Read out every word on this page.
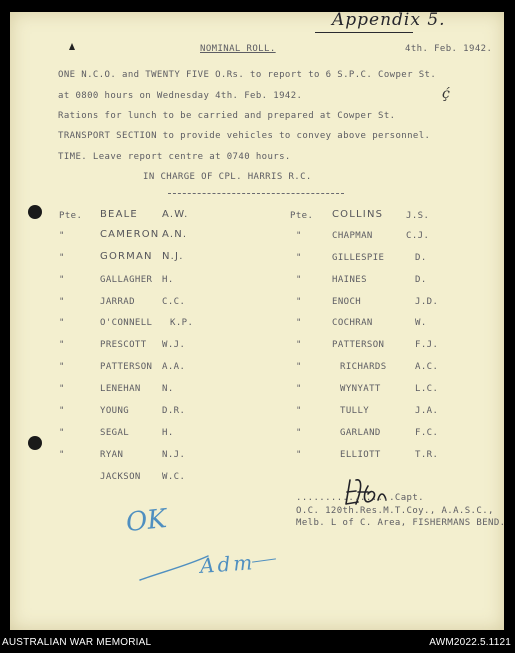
Appendix 5.
NOMINAL ROLL.	4th. Feb. 1942.
ONE N.C.O. and TWENTY FIVE O.Rs. to report to 6 S.P.C. Cowper St.
at 0800 hours on Wednesday 4th. Feb. 1942.
Rations for lunch to be carried and prepared at Cowper St.
TRANSPORT SECTION to provide vehicles to convey above personnel.
TIME. Leave report centre at 0740 hours.
IN CHARGE OF CPL. HARRIS R.C.
ḉ
Pte. BEALE A.W.
"	CAMERON A.N.
"	GORMAN N.J.
"	GALLAGHER H.
"	JARRAD	C.C.
"	O'CONNELL K.P.
"	PRESCOTT W.J.
"	PATTERSON A.A.
"	LENEHAN N.
"	YOUNG	D.R.
"	SEGAL	H.
"	RYAN	N.J.
JACKSON W.C.
Pte. COLLINS	J.S.
"	CHAPMAN	C.J.
"	GILLESPIE	D.
"	HAINES	D.
"	ENOCH	J.D.
"	COCHRAN	W.
"	PATTERSON	F.J.
"	RICHARDS	A.C.
"	WYNYATT	L.C.
"	TULLY	J.A.
"	GARLAND	F.C.
"	ELLIOTT	T.R.
.................Capt.
O.C. 120th.Res.M.T.Coy., A.A.S.C.,
Melb. L of C. Area, FISHERMANS BEND.
OK
Adm
AUSTRALIAN WAR MEMORIAL	AWM2022.5.1121
